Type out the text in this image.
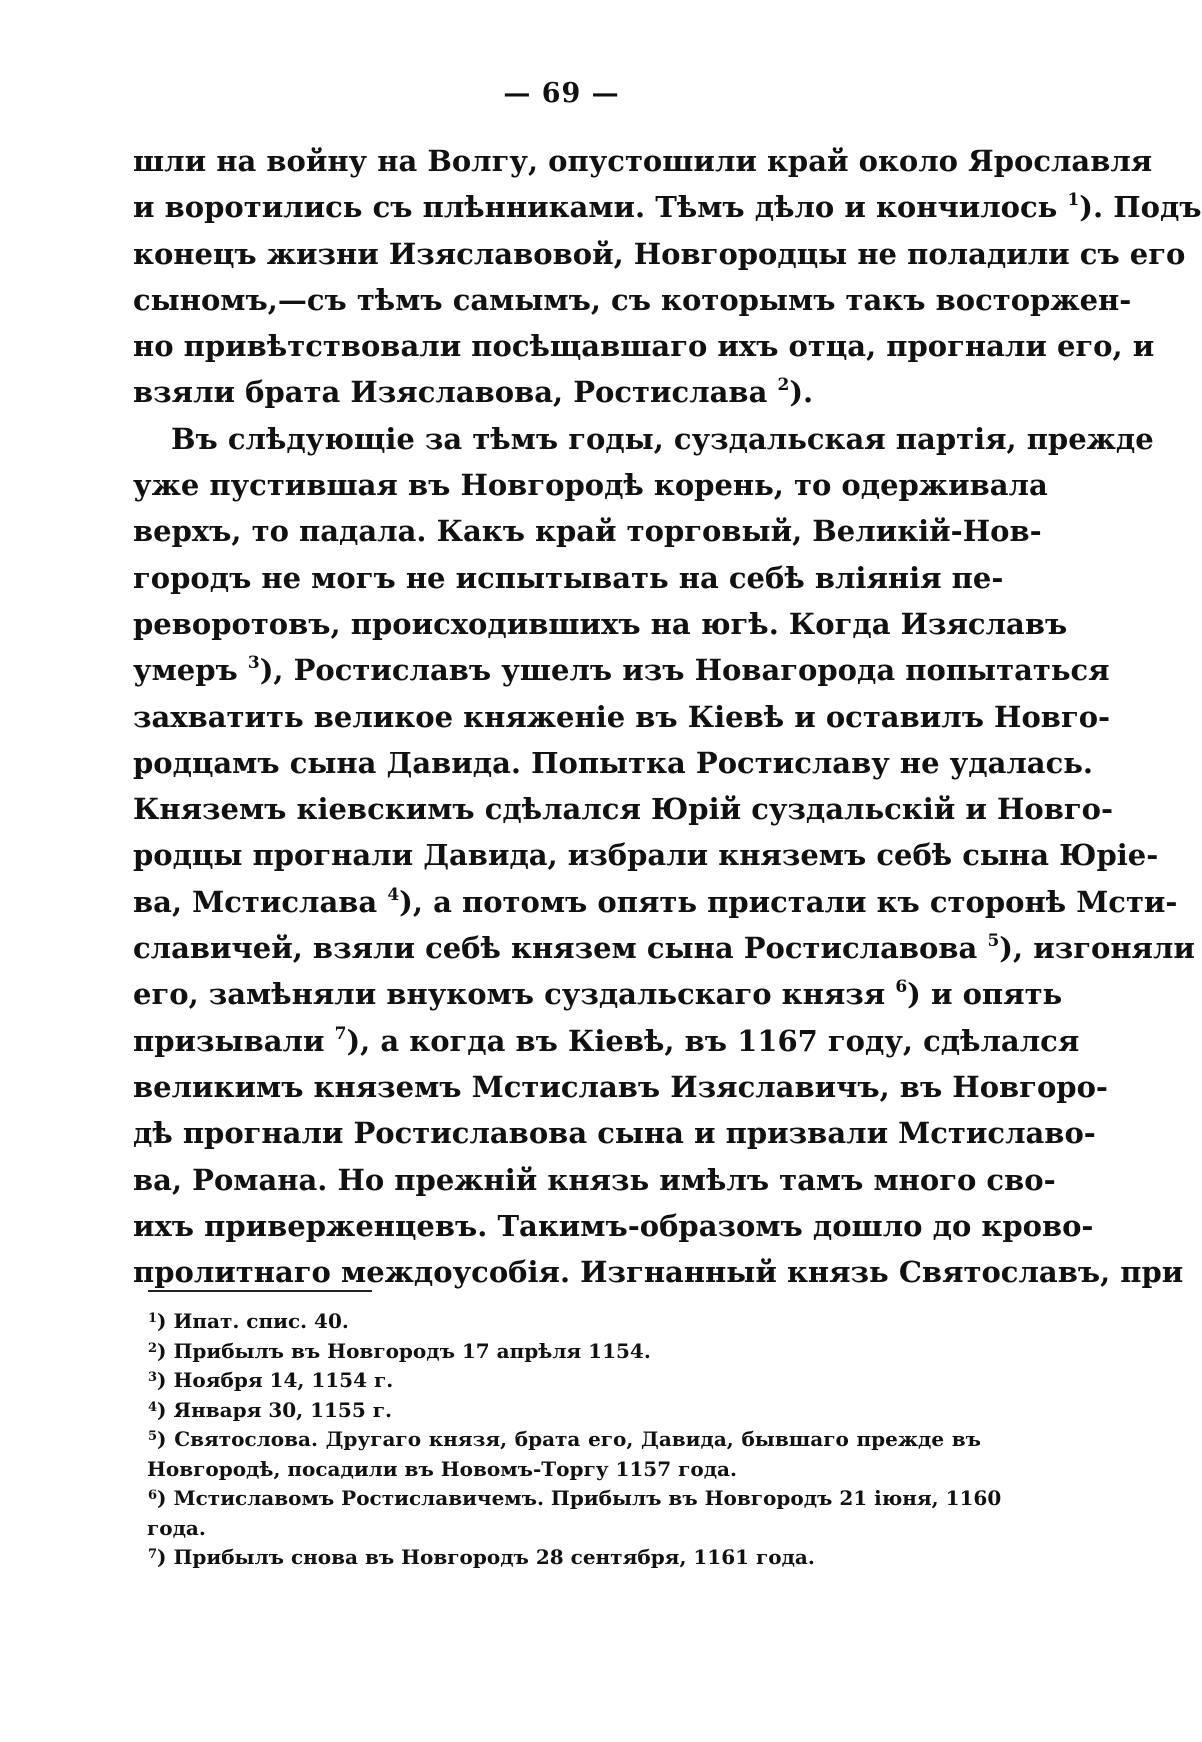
— 69 —
шли на войну на Волгу, опустошили край около Ярославля
и воротились съ плѣнниками. Тѣмъ дѣло и кончилось $^1$). Подъ
конецъ жизни Изяславовой, Новгородцы не поладили съ его
сыномъ,—съ тѣмъ самымъ, съ которымъ такъ восторжен-
но привѣтствовали посѣщавшаго ихъ отца, прогнали его, и
взяли брата Изяславова, Ростислава $^2$).
Въ слѣдующіе за тѣмъ годы, суздальская партія, прежде
уже пустившая въ Новгородѣ корень, то одерживала
верхъ, то падала. Какъ край торговый, Великій-Нов-
городъ не могъ не испытывать на себѣ вліянія пе-
реворотовъ, происходившихъ на югѣ. Когда Изяславъ
умеръ $^3$), Ростиславъ ушелъ изъ Новагорода попытаться
захватить великое княженіе въ Кіевѣ и оставилъ Новго-
родцамъ сына Давида. Попытка Ростиславу не удалась.
Княземъ кіевскимъ сдѣлался Юрій суздальскій и Новго-
родцы прогнали Давида, избрали княземъ себѣ сына Юріе-
ва, Мстислава $^4$), а потомъ опять пристали къ сторонѣ Мсти-
славичей, взяли себѣ князем сына Ростиславова $^5$), изгоняли
его, замѣняли внукомъ суздальскаго князя $^6$) и опять
призывали $^7$), а когда въ Кіевѣ, въ 1167 году, сдѣлался
великимъ княземъ Мстиславъ Изяславичъ, въ Новгоро-
дѣ прогнали Ростиславова сына и призвали Мстиславо-
ва, Романа. Но прежній князь имѣлъ тамъ много сво-
ихъ приверженцевъ. Такимъ-образомъ дошло до крово-
пролитнаго междоусобія. Изгнанный князь Святославъ, при
$^1$) Ипат. спис. 40.
$^2$) Прибылъ въ Новгородъ 17 апрѣля 1154.
$^3$) Ноября 14, 1154 г.
$^4$) Января 30, 1155 г.
$^5$) Святослова. Другаго князя, брата его, Давида, бывшаго прежде въ
Новгородѣ, посадили въ Новомъ-Торгу 1157 года.
$^6$) Мстиславомъ Ростиславичемъ. Прибылъ въ Новгородъ 21 іюня, 1160
года.
$^7$) Прибылъ снова въ Новгородъ 28 сентября, 1161 года.
